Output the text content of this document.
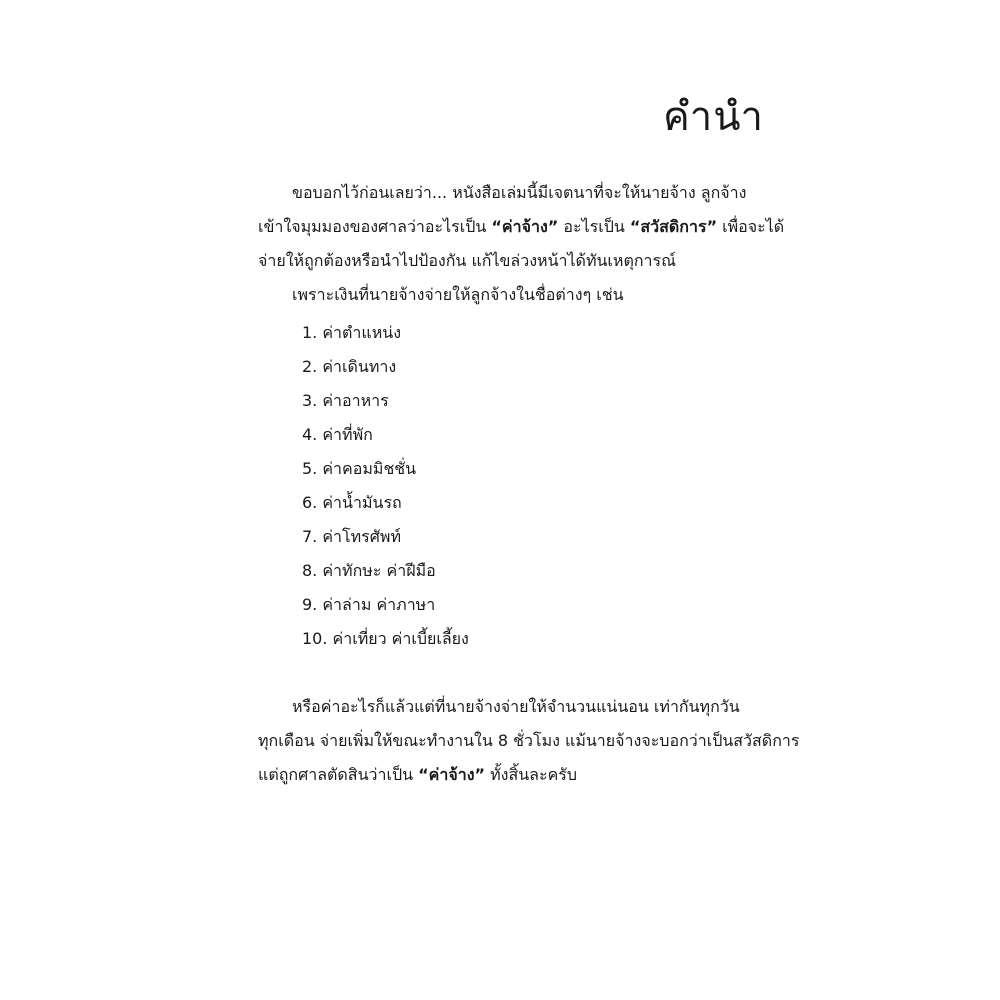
คำนำ
ขอบอกไว้ก่อนเลยว่า... หนังสือเล่มนี้มีเจตนาที่จะให้นายจ้าง ลูกจ้าง
เข้าใจมุมมองของศาลว่าอะไรเป็น “ค่าจ้าง” อะไรเป็น “สวัสดิการ” เพื่อจะได้
จ่ายให้ถูกต้องหรือนำไปป้องกัน แก้ไขล่วงหน้าได้ทันเหตุการณ์
เพราะเงินที่นายจ้างจ่ายให้ลูกจ้างในชื่อต่างๆ เช่น
1. ค่าตำแหน่ง
2. ค่าเดินทาง
3. ค่าอาหาร
4. ค่าที่พัก
5. ค่าคอมมิชชั่น
6. ค่าน้ำมันรถ
7. ค่าโทรศัพท์
8. ค่าทักษะ ค่าฝีมือ
9. ค่าล่าม ค่าภาษา
10. ค่าเที่ยว ค่าเบี้ยเลี้ยง
หรือค่าอะไรก็แล้วแต่ที่นายจ้างจ่ายให้จำนวนแน่นอน เท่ากันทุกวัน
ทุกเดือน จ่ายเพิ่มให้ขณะทำงานใน 8 ชั่วโมง แม้นายจ้างจะบอกว่าเป็นสวัสดิการ
แต่ถูกศาลตัดสินว่าเป็น “ค่าจ้าง” ทั้งสิ้นละครับ
